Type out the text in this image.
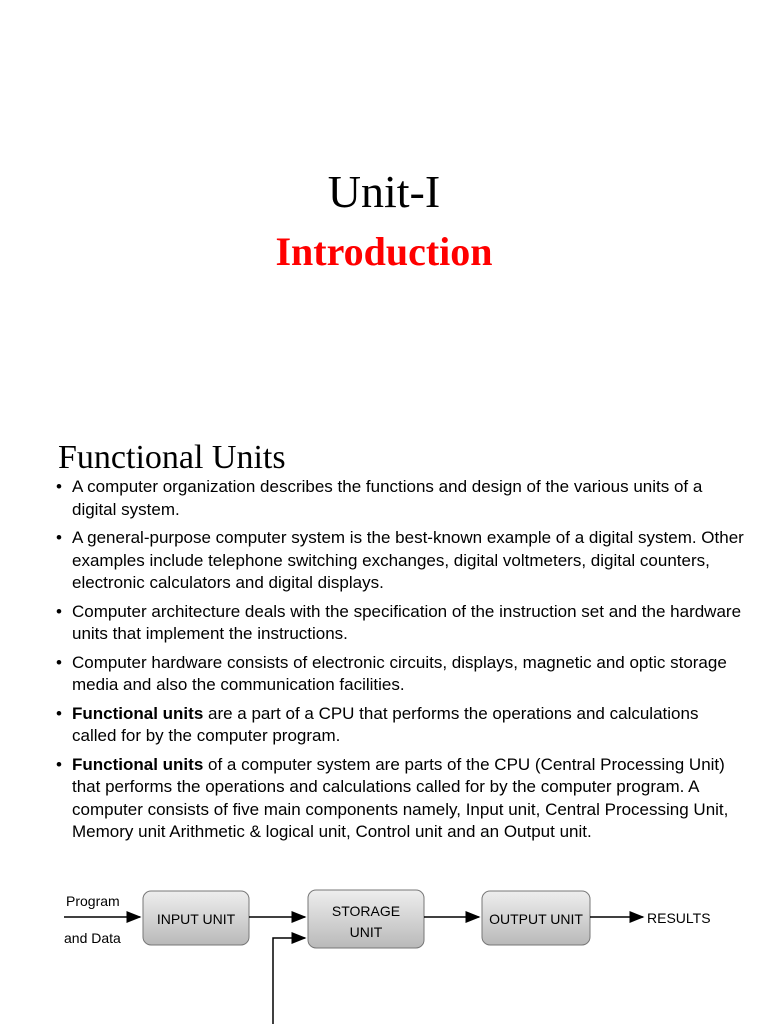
Unit-I
Introduction
Functional Units
• A computer organization describes the functions and design of the various units of a digital system.
• A general-purpose computer system is the best-known example of a digital system. Other examples include telephone switching exchanges, digital voltmeters, digital counters, electronic calculators and digital displays.
• Computer architecture deals with the specification of the instruction set and the hardware units that implement the instructions.
• Computer hardware consists of electronic circuits, displays, magnetic and optic storage media and also the communication facilities.
• Functional units are a part of a CPU that performs the operations and calculations called for by the computer program.
• Functional units of a computer system are parts of the CPU (Central Processing Unit) that performs the operations and calculations called for by the computer program. A computer consists of five main components namely, Input unit, Central Processing Unit, Memory unit Arithmetic & logical unit, Control unit and an Output unit.
Program
and Data
INPUT UNIT	STORAGE
UNIT
OUTPUT UNIT	RESULTS
